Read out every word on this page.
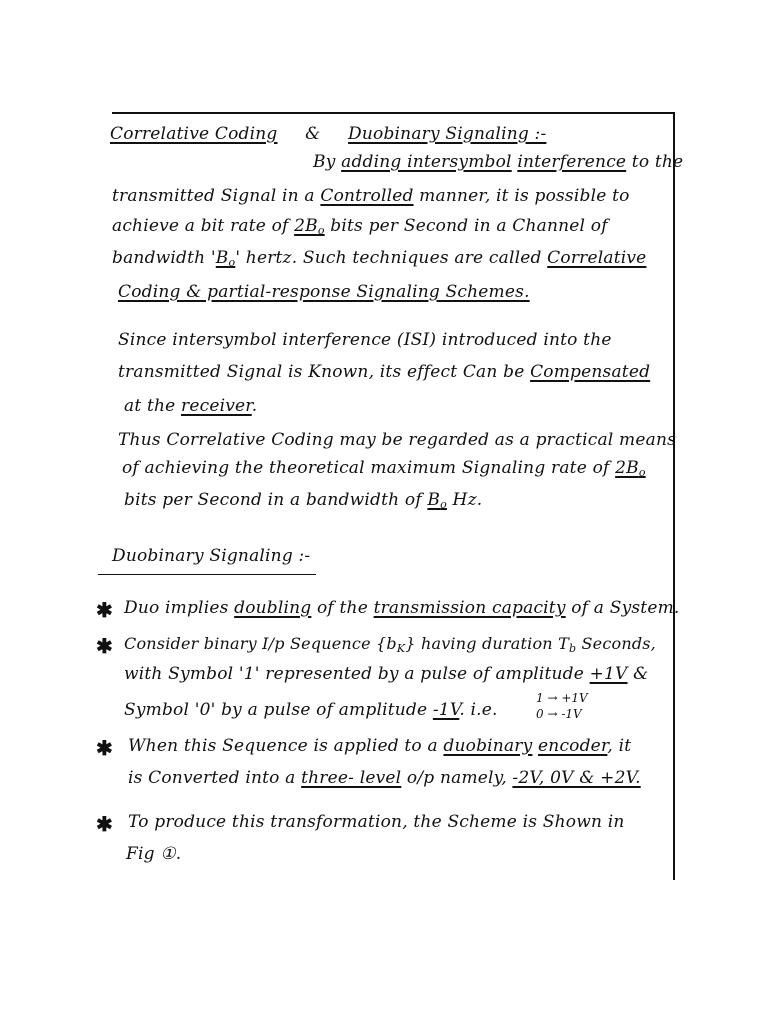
Correlative Coding & Duobinary Signaling :-
By adding intersymbol interference to the
transmitted Signal in a Controlled manner, it is possible to
achieve a bit rate of $2B_o$ bits per Second in a Channel of
bandwidth '$B_o$' hertz. Such techniques are called Correlative
Coding & partial-response Signaling Schemes.
Since intersymbol interference (ISI) introduced into the
transmitted Signal is Known, its effect Can be Compensated
at the receiver.
Thus Correlative Coding may be regarded as a practical means
of achieving the theoretical maximum Signaling rate of $2B_o$
bits per Second in a bandwidth of $B_o$ Hz.
Duobinary Signaling :-
✱ Duo implies doubling of the transmission capacity of a System.
✱ Consider binary I/p Sequence $\{b_K\}$ having duration $T_b$ Seconds,
with Symbol '1' represented by a pulse of amplitude +1V &
Symbol '0' by a pulse of amplitude -1V. i.e.
1 → +1V
0 → -1V
✱ When this Sequence is applied to a duobinary encoder, it
is Converted into a three- level o/p namely, -2V, 0V & +2V.
✱ To produce this transformation, the Scheme is Shown in
Fig ①.
